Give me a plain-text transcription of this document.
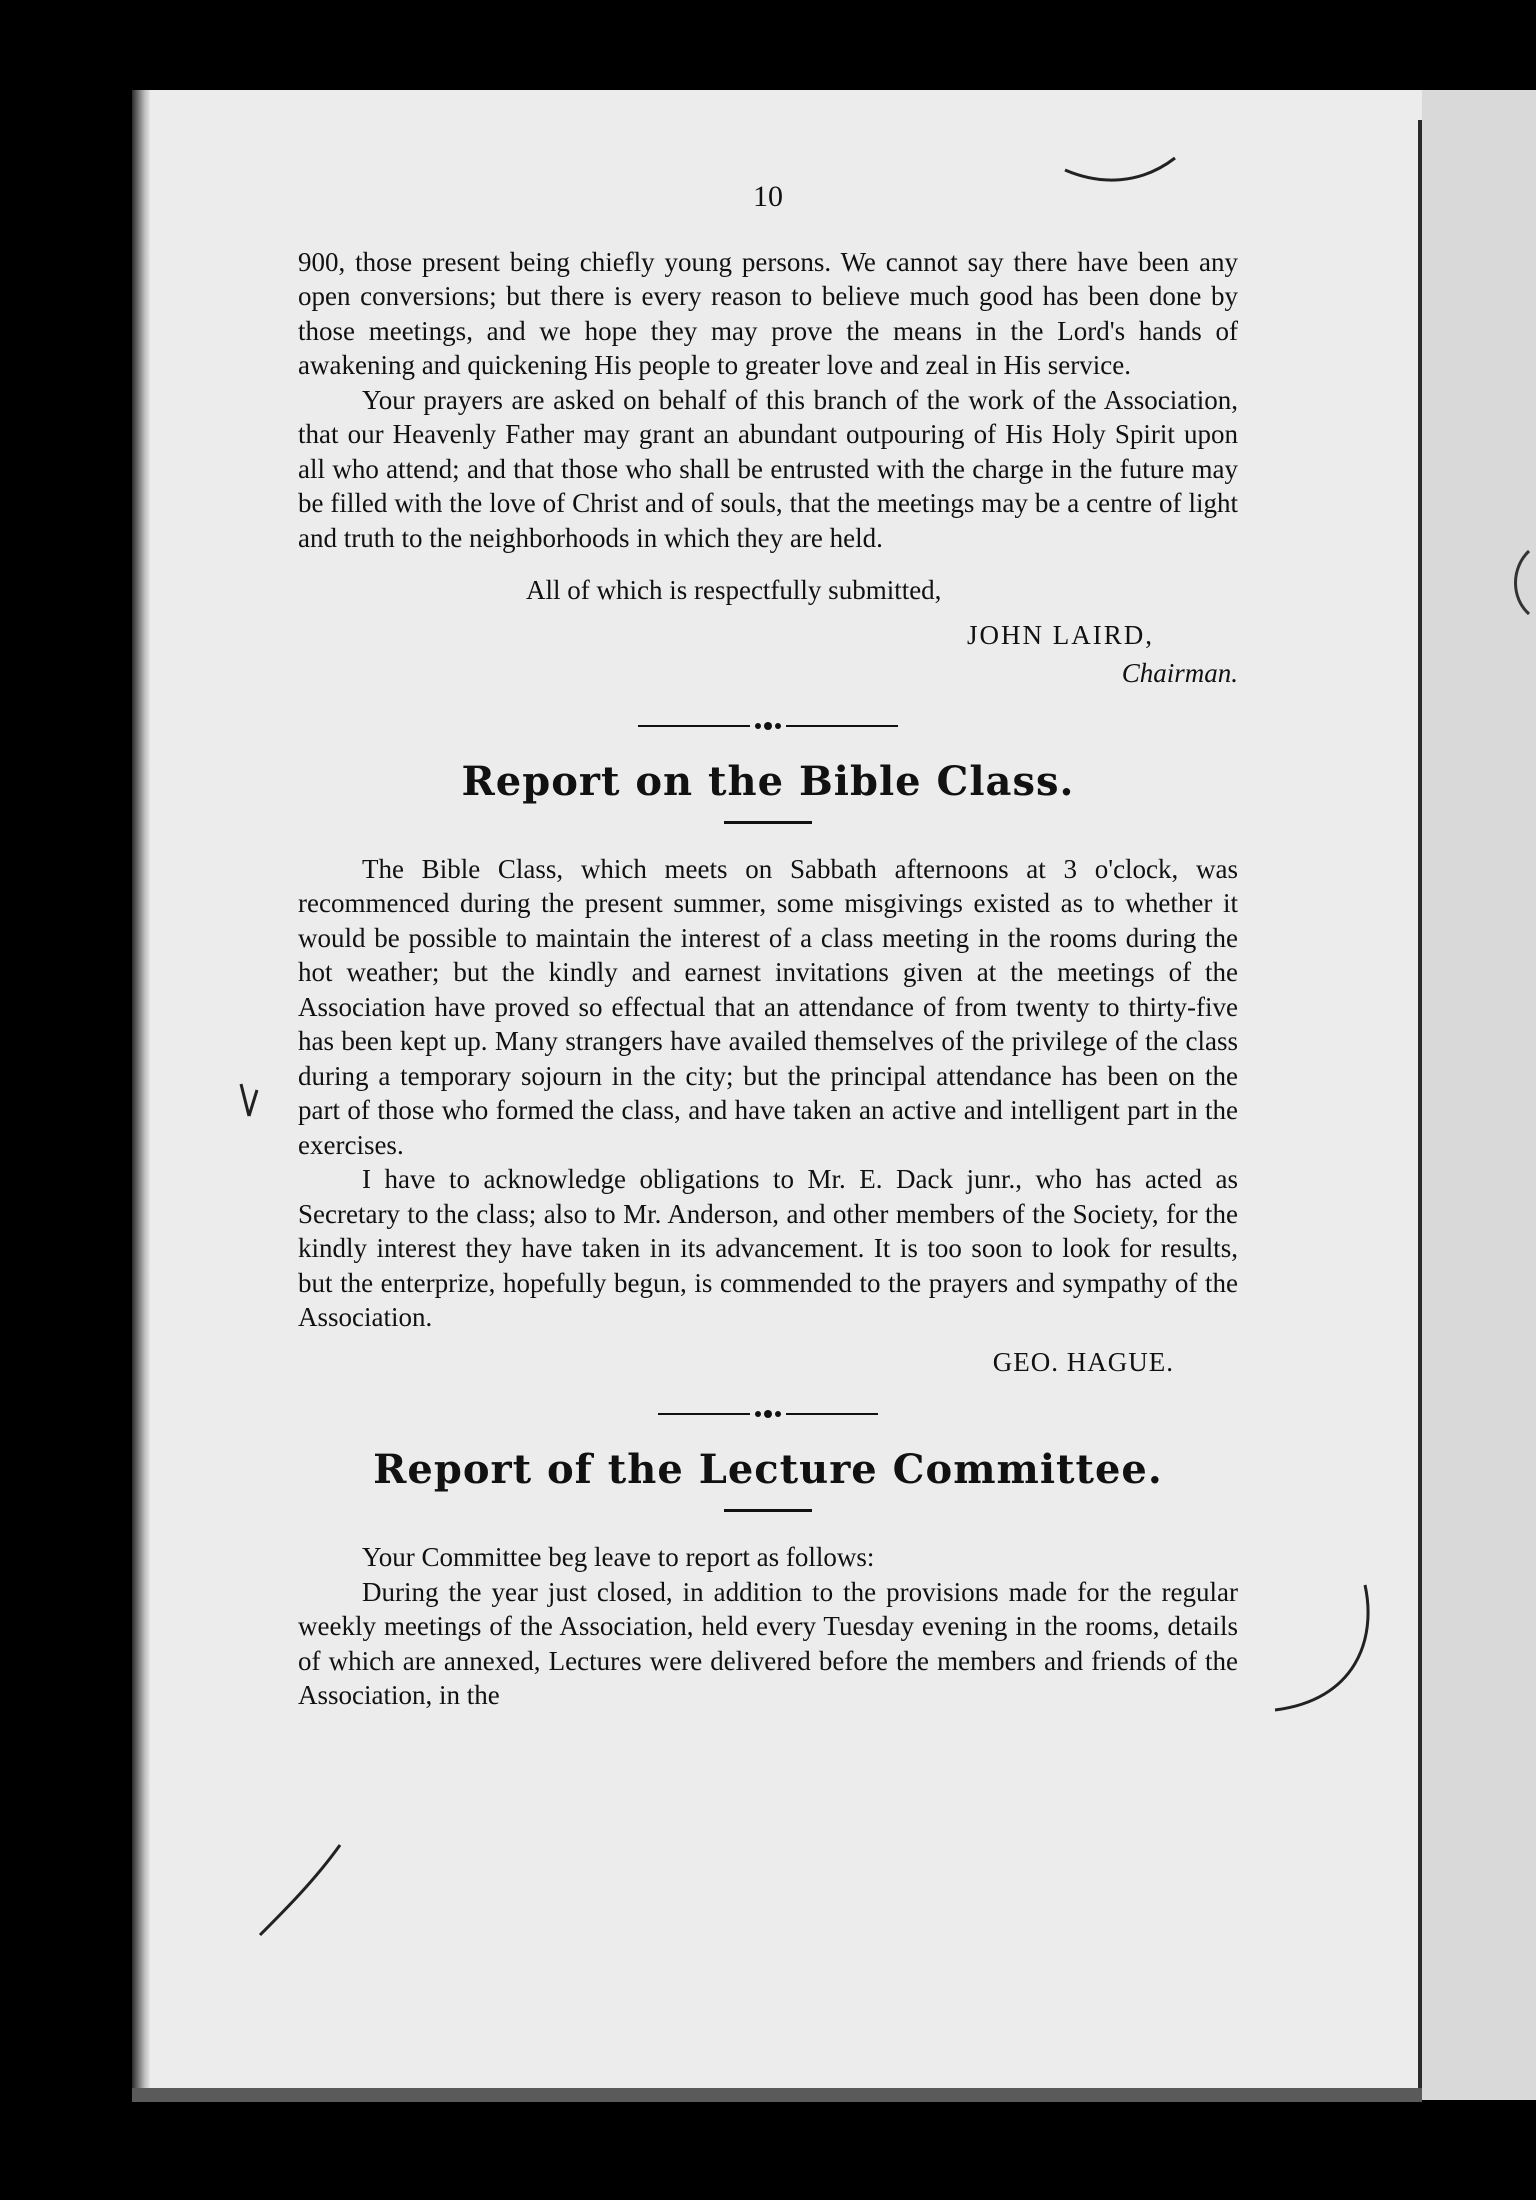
10

900, those present being chiefly young persons. We cannot say there have been any open conversions; but there is every reason to believe much good has been done by those meetings, and we hope they may prove the means in the Lord's hands of awakening and quickening His people to greater love and zeal in His service.

Your prayers are asked on behalf of this branch of the work of the Association, that our Heavenly Father may grant an abundant outpouring of His Holy Spirit upon all who attend; and that those who shall be entrusted with the charge in the future may be filled with the love of Christ and of souls, that the meetings may be a centre of light and truth to the neighborhoods in which they are held.

All of which is respectfully submitted,

JOHN LAIRD,

Chairman.

Report on the Bible Class.

The Bible Class, which meets on Sabbath afternoons at 3 o'clock, was recommenced during the present summer, some misgivings existed as to whether it would be possible to maintain the interest of a class meeting in the rooms during the hot weather; but the kindly and earnest invitations given at the meetings of the Association have proved so effectual that an attendance of from twenty to thirty-five has been kept up. Many strangers have availed themselves of the privilege of the class during a temporary sojourn in the city; but the principal attendance has been on the part of those who formed the class, and have taken an active and intelligent part in the exercises.

I have to acknowledge obligations to Mr. E. Dack junr., who has acted as Secretary to the class; also to Mr. Anderson, and other members of the Society, for the kindly interest they have taken in its advancement. It is too soon to look for results, but the enterprize, hopefully begun, is commended to the prayers and sympathy of the Association.

GEO. HAGUE.

Report of the Lecture Committee.

Your Committee beg leave to report as follows:

During the year just closed, in addition to the provisions made for the regular weekly meetings of the Association, held every Tuesday evening in the rooms, details of which are annexed, Lectures were delivered before the members and friends of the Association, in the
